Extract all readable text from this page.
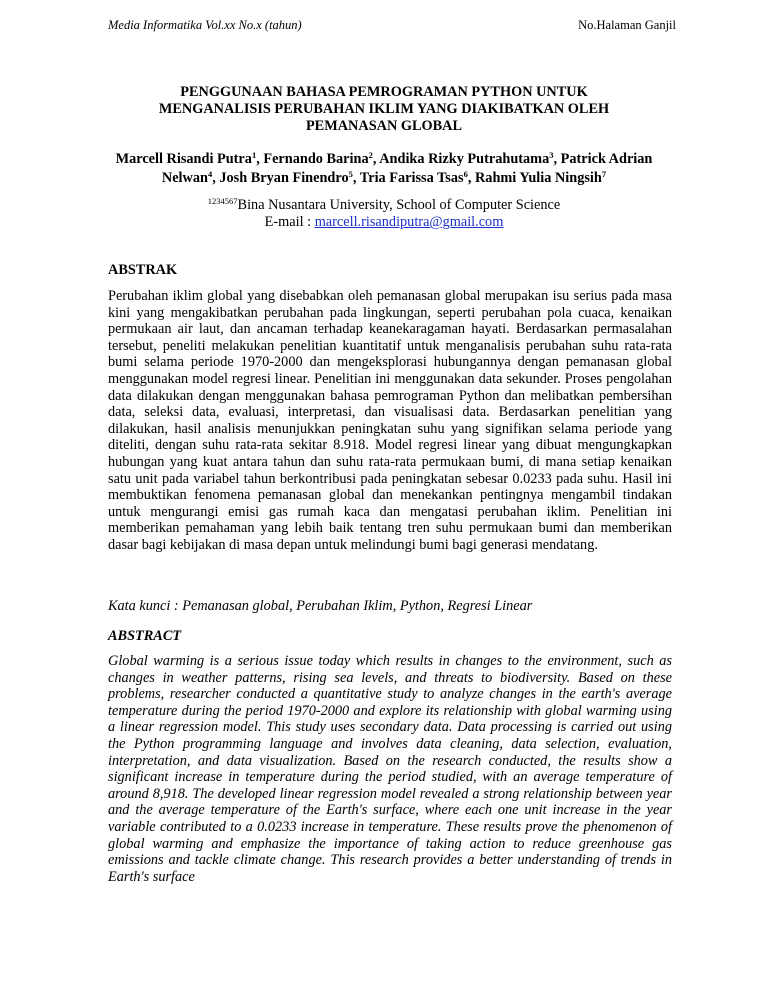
Media Informatika Vol.xx No.x (tahun)	No.Halaman Ganjil
PENGGUNAAN BAHASA PEMROGRAMAN PYTHON UNTUK
MENGANALISIS PERUBAHAN IKLIM YANG DIAKIBATKAN OLEH
PEMANASAN GLOBAL
Marcell Risandi Putra$^1$, Fernando Barina$^2$, Andika Rizky Putrahutama$^3$, Patrick Adrian Nelwan$^4$, Josh Bryan Finendro$^5$, Tria Farissa Tsas$^6$, Rahmi Yulia Ningsih$^7$
$^{1234567}$Bina Nusantara University, School of Computer Science
E-mail : marcell.risandiputra@gmail.com
ABSTRAK
Perubahan iklim global yang disebabkan oleh pemanasan global merupakan isu serius pada masa kini yang mengakibatkan perubahan pada lingkungan, seperti perubahan pola cuaca, kenaikan permukaan air laut, dan ancaman terhadap keanekaragaman hayati. Berdasarkan permasalahan tersebut, peneliti melakukan penelitian kuantitatif untuk menganalisis perubahan suhu rata-rata bumi selama periode 1970-2000 dan mengeksplorasi hubungannya dengan pemanasan global menggunakan model regresi linear. Penelitian ini menggunakan data sekunder. Proses pengolahan data dilakukan dengan menggunakan bahasa pemrograman Python dan melibatkan pembersihan data, seleksi data, evaluasi, interpretasi, dan visualisasi data. Berdasarkan penelitian yang dilakukan, hasil analisis menunjukkan peningkatan suhu yang signifikan selama periode yang diteliti, dengan suhu rata-rata sekitar 8.918. Model regresi linear yang dibuat mengungkapkan hubungan yang kuat antara tahun dan suhu rata-rata permukaan bumi, di mana setiap kenaikan satu unit pada variabel tahun berkontribusi pada peningkatan sebesar 0.0233 pada suhu. Hasil ini membuktikan fenomena pemanasan global dan menekankan pentingnya mengambil tindakan untuk mengurangi emisi gas rumah kaca dan mengatasi perubahan iklim. Penelitian ini memberikan pemahaman yang lebih baik tentang tren suhu permukaan bumi dan memberikan dasar bagi kebijakan di masa depan untuk melindungi bumi bagi generasi mendatang.
Kata kunci : Pemanasan global, Perubahan Iklim, Python, Regresi Linear
ABSTRACT
Global warming is a serious issue today which results in changes to the environment, such as changes in weather patterns, rising sea levels, and threats to biodiversity. Based on these problems, researcher conducted a quantitative study to analyze changes in the earth's average temperature during the period 1970-2000 and explore its relationship with global warming using a linear regression model. This study uses secondary data. Data processing is carried out using the Python programming language and involves data cleaning, data selection, evaluation, interpretation, and data visualization. Based on the research conducted, the results show a significant increase in temperature during the period studied, with an average temperature of around 8,918. The developed linear regression model revealed a strong relationship between year and the average temperature of the Earth's surface, where each one unit increase in the year variable contributed to a 0.0233 increase in temperature. These results prove the phenomenon of global warming and emphasize the importance of taking action to reduce greenhouse gas emissions and tackle climate change. This research provides a better understanding of trends in Earth's surface
